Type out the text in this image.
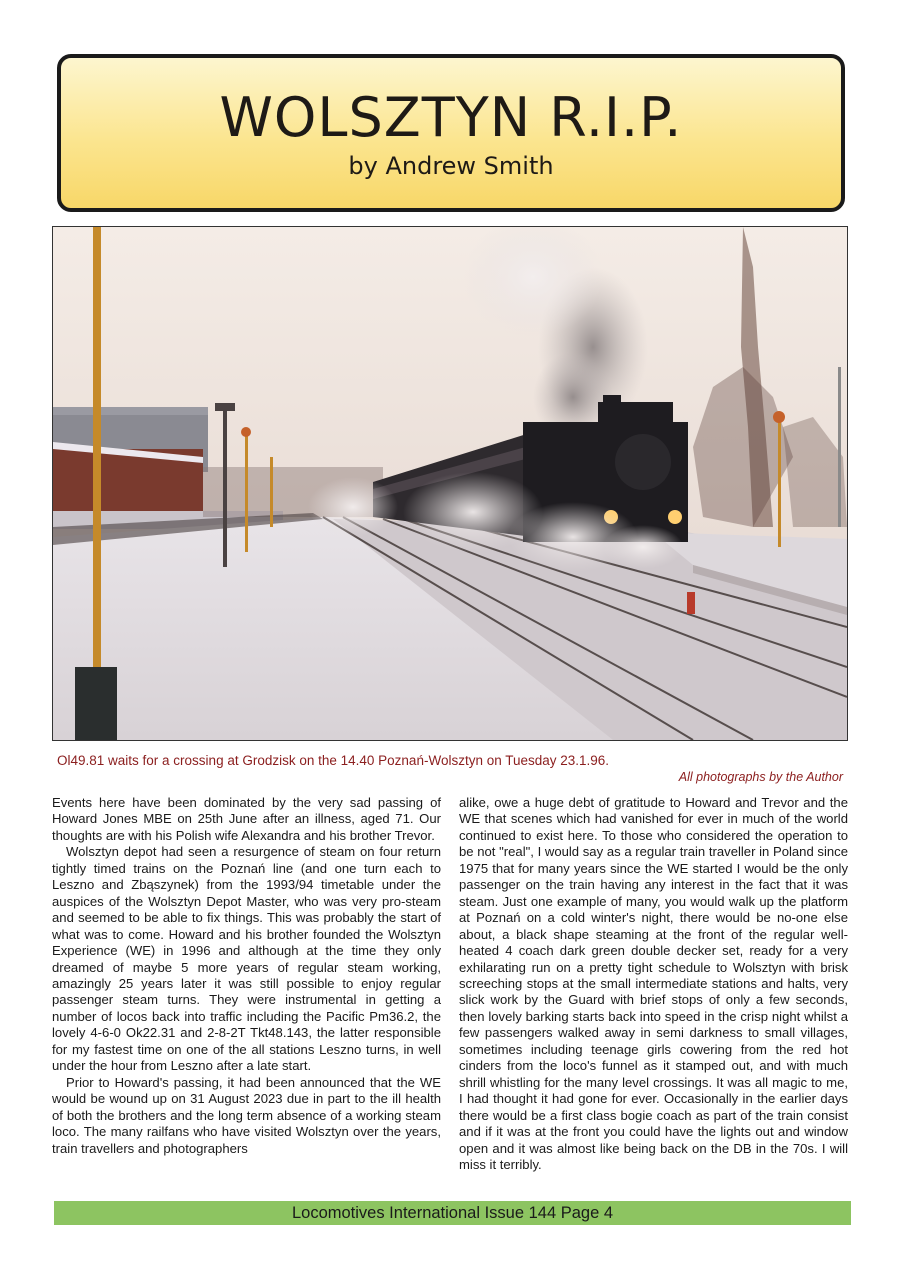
WOLSZTYN R.I.P.
by Andrew Smith
Ol49.81 waits for a crossing at Grodzisk on the 14.40 Poznań-Wolsztyn on Tuesday 23.1.96.
All photographs by the Author

Events here have been dominated by the very sad passing of Howard Jones MBE on 25th June after an illness, aged 71. Our thoughts are with his Polish wife Alexandra and his brother Trevor.

Wolsztyn depot had seen a resurgence of steam on four return tightly timed trains on the Poznań line (and one turn each to Leszno and Zbąszynek) from the 1993/94 timetable under the auspices of the Wolsztyn Depot Master, who was very pro-steam and seemed to be able to fix things. This was probably the start of what was to come. Howard and his brother founded the Wolsztyn Experience (WE) in 1996 and although at the time they only dreamed of maybe 5 more years of regular steam working, amazingly 25 years later it was still possible to enjoy regular passenger steam turns. They were instrumental in getting a number of locos back into traffic including the Pacific Pm36.2, the lovely 4-6-0 Ok22.31 and 2-8-2T Tkt48.143, the latter responsible for my fastest time on one of the all stations Leszno turns, in well under the hour from Leszno after a late start.

Prior to Howard's passing, it had been announced that the WE would be wound up on 31 August 2023 due in part to the ill health of both the brothers and the long term absence of a working steam loco. The many railfans who have visited Wolsztyn over the years, train travellers and photographers

alike, owe a huge debt of gratitude to Howard and Trevor and the WE that scenes which had vanished for ever in much of the world continued to exist here. To those who considered the operation to be not "real", I would say as a regular train traveller in Poland since 1975 that for many years since the WE started I would be the only passenger on the train having any interest in the fact that it was steam. Just one example of many, you would walk up the platform at Poznań on a cold winter's night, there would be no-one else about, a black shape steaming at the front of the regular well-heated 4 coach dark green double decker set, ready for a very exhilarating run on a pretty tight schedule to Wolsztyn with brisk screeching stops at the small intermediate stations and halts, very slick work by the Guard with brief stops of only a few seconds, then lovely barking starts back into speed in the crisp night whilst a few passengers walked away in semi darkness to small villages, sometimes including teenage girls cowering from the red hot cinders from the loco's funnel as it stamped out, and with much shrill whistling for the many level crossings. It was all magic to me, I had thought it had gone for ever. Occasionally in the earlier days there would be a first class bogie coach as part of the train consist and if it was at the front you could have the lights out and window open and it was almost like being back on the DB in the 70s. I will miss it terribly.

Locomotives International Issue 144 Page 4
